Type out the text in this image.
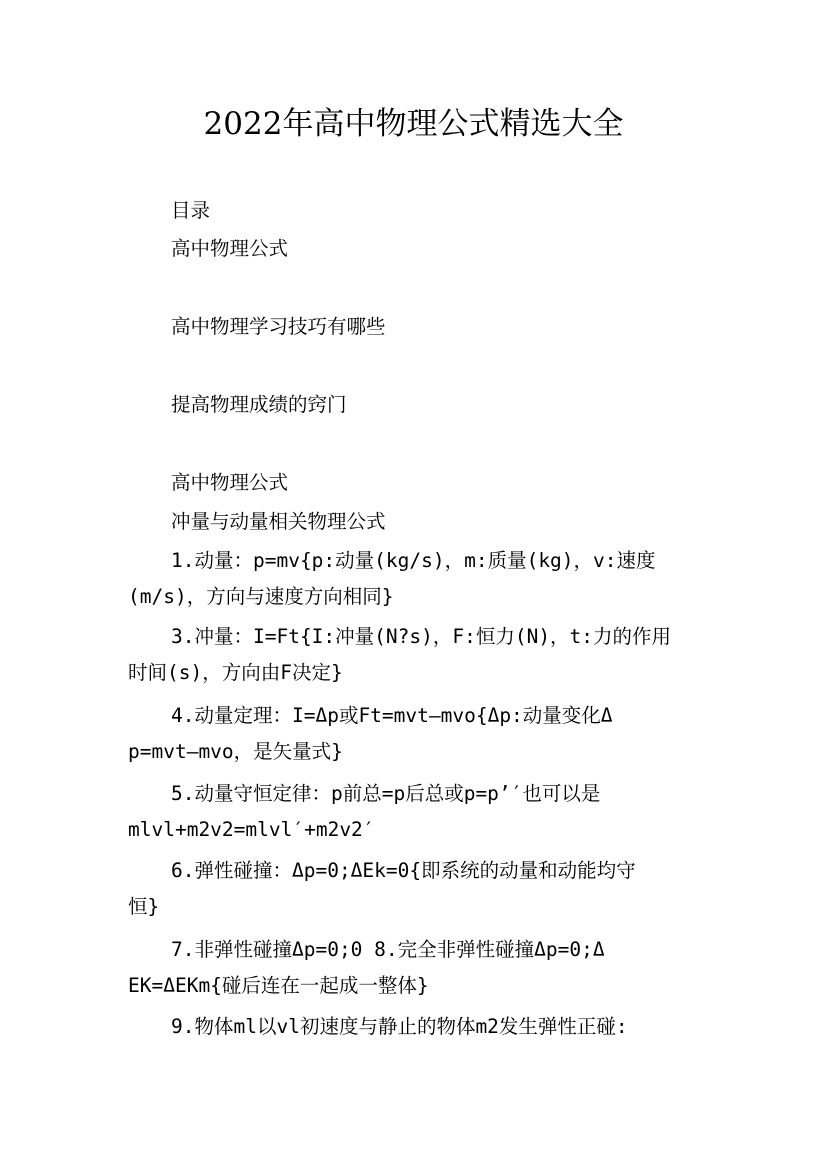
2022年高中物理公式精选大全
目录
高中物理公式
高中物理学习技巧有哪些
提高物理成绩的窍门
高中物理公式
冲量与动量相关物理公式
1.动量：p=mv{p:动量(kg/s)，m:质量(kg)，v:速度
(m/s)，方向与速度方向相同}
3.冲量：I=Ft{I:冲量(N?s)，F:恒力(N)，t:力的作用
时间(s)，方向由F决定}
4.动量定理：I=Δp或Ft=mvt–mvo{Δp:动量变化Δ
p=mvt–mvo，是矢量式}
5.动量守恒定律：p前总=p后总或p=p’′也可以是
mlvl+m2v2=mlvl′+m2v2′
6.弹性碰撞：Δp=0;ΔEk=0{即系统的动量和动能均守
恒}
7.非弹性碰撞Δp=0;0 8.完全非弹性碰撞Δp=0;Δ
EK=ΔEKm{碰后连在一起成一整体}
9.物体ml以vl初速度与静止的物体m2发生弹性正碰:
